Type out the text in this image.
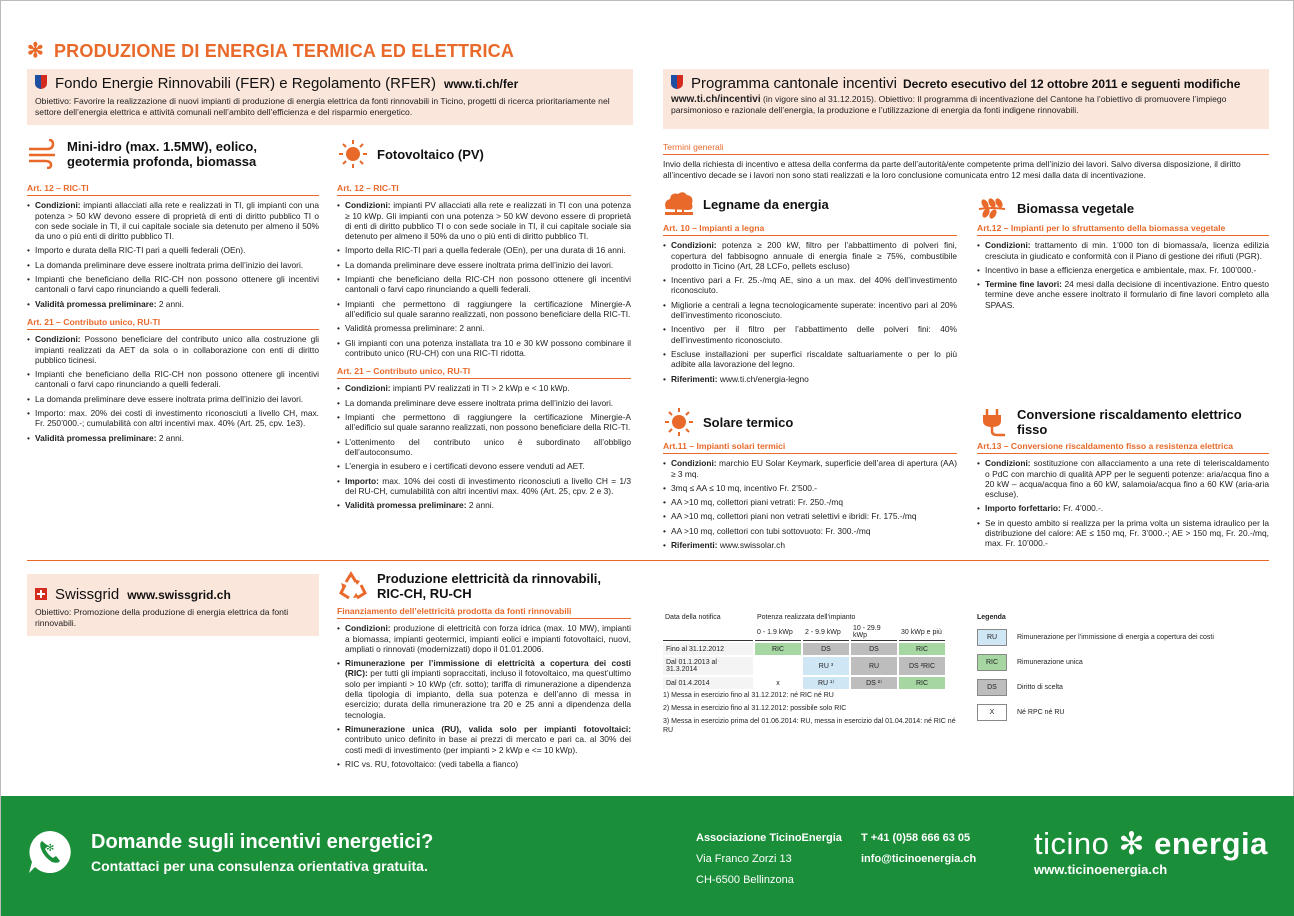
✻ PRODUZIONE DI ENERGIA TERMICA ED ELETTRICA
Fondo Energie Rinnovabili (FER) e Regolamento (RFER) www.ti.ch/fer
Obiettivo: Favorire la realizzazione di nuovi impianti di produzione di energia elettrica da fonti rinnovabili in Ticino, progetti di ricerca prioritariamente nel settore dell’energia elettrica e attività comunali nell’ambito dell’efficienza e del risparmio energetico.
Programma cantonale incentivi Decreto esecutivo del 12 ottobre 2011 e seguenti modifiche
www.ti.ch/incentivi (in vigore sino al 31.12.2015). Obiettivo: Il programma di incentivazione del Cantone ha l’obiettivo di promuovere l’impiego parsimonioso e razionale dell’energia, la produzione e l’utilizzazione di energia da fonti indigene rinnovabili.
Mini-idro (max. 1.5MW), eolico, geotermia profonda, biomassa
Art. 12 – RIC-TI
• Condizioni: impianti allacciati alla rete e realizzati in TI, gli impianti con una potenza > 50 kW devono essere di proprietà di enti di diritto pubblico TI o con sede sociale in TI, il cui capitale sociale sia detenuto per almeno il 50% da uno o più enti di diritto pubblico TI.
• Importo e durata della RIC-TI pari a quelli federali (OEn).
• La domanda preliminare deve essere inoltrata prima dell’inizio dei lavori.
• Impianti che beneficiano della RIC-CH non possono ottenere gli incentivi cantonali o farvi capo rinunciando a quelli federali.
• Validità promessa preliminare: 2 anni.
Art. 21 – Contributo unico, RU-TI
• Condizioni: Possono beneficiare del contributo unico alla costruzione gli impianti realizzati da AET da sola o in collaborazione con enti di diritto pubblico ticinesi.
• Impianti che beneficiano della RIC-CH non possono ottenere gli incentivi cantonali o farvi capo rinunciando a quelli federali.
• La domanda preliminare deve essere inoltrata prima dell’inizio dei lavori.
• Importo: max. 20% dei costi di investimento riconosciuti a livello CH, max. Fr. 250’000.-; cumulabilità con altri incentivi max. 40% (Art. 25, cpv. 1e3).
• Validità promessa preliminare: 2 anni.
Fotovoltaico (PV)
Art. 12 – RIC-TI
• Condizioni: impianti PV allacciati alla rete e realizzati in TI con una potenza ≥ 10 kWp. Gli impianti con una potenza > 50 kW devono essere di proprietà di enti di diritto pubblico TI o con sede sociale in TI, il cui capitale sociale sia detenuto per almeno il 50% da uno o più enti di diritto pubblico TI.
• Importo della RIC-TI pari a quella federale (OEn), per una durata di 16 anni.
• La domanda preliminare deve essere inoltrata prima dell’inizio dei lavori.
• Impianti che beneficiano della RIC-CH non possono ottenere gli incentivi cantonali o farvi capo rinunciando a quelli federali.
• Impianti che permettono di raggiungere la certificazione Minergie-A all’edificio sul quale saranno realizzati, non possono beneficiare della RIC-TI.
• Validità promessa preliminare: 2 anni.
• Gli impianti con una potenza installata tra 10 e 30 kW possono combinare il contributo unico (RU-CH) con una RIC-TI ridotta.
Art. 21 – Contributo unico, RU-TI
• Condizioni: impianti PV realizzati in TI > 2 kWp e < 10 kWp.
• La domanda preliminare deve essere inoltrata prima dell’inizio dei lavori.
• Impianti che permettono di raggiungere la certificazione Minergie-A all’edificio sul quale saranno realizzati, non possono beneficiare della RIC-TI.
• L’ottenimento del contributo unico è subordinato all’obbligo dell’autoconsumo.
• L’energia in esubero e i certificati devono essere venduti ad AET.
• Importo: max. 10% dei costi di investimento riconosciuti a livello CH = 1/3 del RU-CH, cumulabilità con altri incentivi max. 40% (Art. 25, cpv. 2 e 3).
• Validità promessa preliminare: 2 anni.
Termini generali

Invio della richiesta di incentivo e attesa della conferma da parte dell’autorità/ente competente prima dell’inizio dei lavori. Salvo diversa disposizione, il diritto all’incentivo decade se i lavori non sono stati realizzati e la loro conclusione comunicata entro 12 mesi dalla data di incentivazione.

Legname da energia
Art. 10 – Impianti a legna
• Condizioni: potenza ≥ 200 kW, filtro per l’abbattimento di polveri fini, copertura del fabbisogno annuale di energia finale ≥ 75%, combustibile prodotto in Ticino (Art, 28 LCFo, pellets escluso)
• Incentivo pari a Fr. 25.-/mq AE, sino a un max. del 40% dell’investimento riconosciuto.
• Migliorie a centrali a legna tecnologicamente superate: incentivo pari al 20% dell’investimento riconosciuto.
• Incentivo per il filtro per l’abbattimento delle polveri fini: 40% dell’investimento riconosciuto.
• Escluse installazioni per superfici riscaldate saltuariamente o per lo più adibite alla lavorazione del legno.
• Riferimenti: www.ti.ch/energia-legno
Biomassa vegetale
Art.12 – Impianti per lo sfruttamento della biomassa vegetale
• Condizioni: trattamento di min. 1’000 ton di biomassa/a, licenza edilizia cresciuta in giudicato e conformità con il Piano di gestione dei rifiuti (PGR).
• Incentivo in base a efficienza energetica e ambientale, max. Fr. 100’000.-
• Termine fine lavori: 24 mesi dalla decisione di incentivazione. Entro questo termine deve anche essere inoltrato il formulario di fine lavori completo alla SPAAS.
Solare termico
Art.11 – Impianti solari termici
• Condizioni: marchio EU Solar Keymark, superficie dell’area di apertura (AA) ≥ 3 mq.
• 3mq ≤ AA ≤ 10 mq, incentivo Fr. 2’500.-
• AA >10 mq, collettori piani vetrati: Fr. 250.-/mq
• AA >10 mq, collettori piani non vetrati selettivi e ibridi: Fr. 175.-/mq
• AA >10 mq, collettori con tubi sottovuoto: Fr. 300.-/mq
• Riferimenti: www.swissolar.ch
Conversione riscaldamento elettrico fisso
Art.13 – Conversione riscaldamento fisso a resistenza elettrica
• Condizioni: sostituzione con allacciamento a una rete di teleriscaldamento o PdC con marchio di qualità APP per le seguenti potenze: aria/acqua fino a 20 kW – acqua/acqua fino a 60 kW, salamoia/acqua fino a 60 KW (aria-aria escluse).
• Importo forfettario: Fr. 4’000.-.
• Se in questo ambito si realizza per la prima volta un sistema idraulico per la distribuzione del calore: AE ≤ 150 mq, Fr. 3’000.-; AE > 150 mq, Fr. 20.-/mq, max. Fr. 10’000.-
Swissgrid www.swissgrid.ch
Obiettivo: Promozione della produzione di energia elettrica da fonti rinnovabili.
Produzione elettricità da rinnovabili, RIC-CH, RU-CH
Finanziamento dell’elettricità prodotta da fonti rinnovabili
• Condizioni: produzione di elettricità con forza idrica (max. 10 MW), impianti a biomassa, impianti geotermici, impianti eolici e impianti fotovoltaici, nuovi, ampliati o rinnovati (modernizzati) dopo il 01.01.2006.
• Rimunerazione per l’immissione di elettricità a copertura dei costi (RIC): per tutti gli impianti sopraccitati, incluso il fotovoltaico, ma quest’ultimo solo per impianti > 10 kWp (cfr. sotto); tariffa di rimunerazione a dipendenza della tipologia di impianto, della sua potenza e dell’anno di messa in esercizio; durata della rimunerazione tra 20 e 25 anni a dipendenza della tecnologia.
• Rimunerazione unica (RU), valida solo per impianti fotovoltaici: contributo unico definito in base ai prezzi di mercato e pari ca. al 30% dei costi medi di investimento (per impianti > 2 kWp e <= 10 kWp).
• RIC vs. RU, fotovoltaico: (vedi tabella a fianco)
Data della notifica	Potenza realizzata dell’impianto			
	0 - 1.9 kWp	2 - 9.9 kWp	10 - 29.9 kWp	30 kWp e più
Fino al 31.12.2012	RIC	DS	DS	RIC
Dal 01.1.2013 al 31.3.2014		RU ³	RU	DS ²RIC
Dal 01.4.2014	x	RU ¹⁾	DS ²⁾	RIC
1) Messa in esercizio fino al 31.12.2012: né RIC né RU
2) Messa in esercizio fino al 31.12.2012: possibile solo RIC
3) Messa in esercizio prima del 01.06.2014: RU, messa in esercizio dal 01.04.2014: né RIC né RU
Legenda
RU	Rimunerazione per l’immissione di energia a copertura dei costi
RIC	Rimunerazione unica
DS	Diritto di scelta
X	Né RPC né RU
✻ Domande sugli incentivi energetici?
Contattaci per una consulenza orientativa gratuita.
Associazione TicinoEnergia
Via Franco Zorzi 13
CH-6500 Bellinzona
T +41 (0)58 666 63 05
info@ticinoenergia.ch ticino ✻ energia
www.ticinoenergia.ch
